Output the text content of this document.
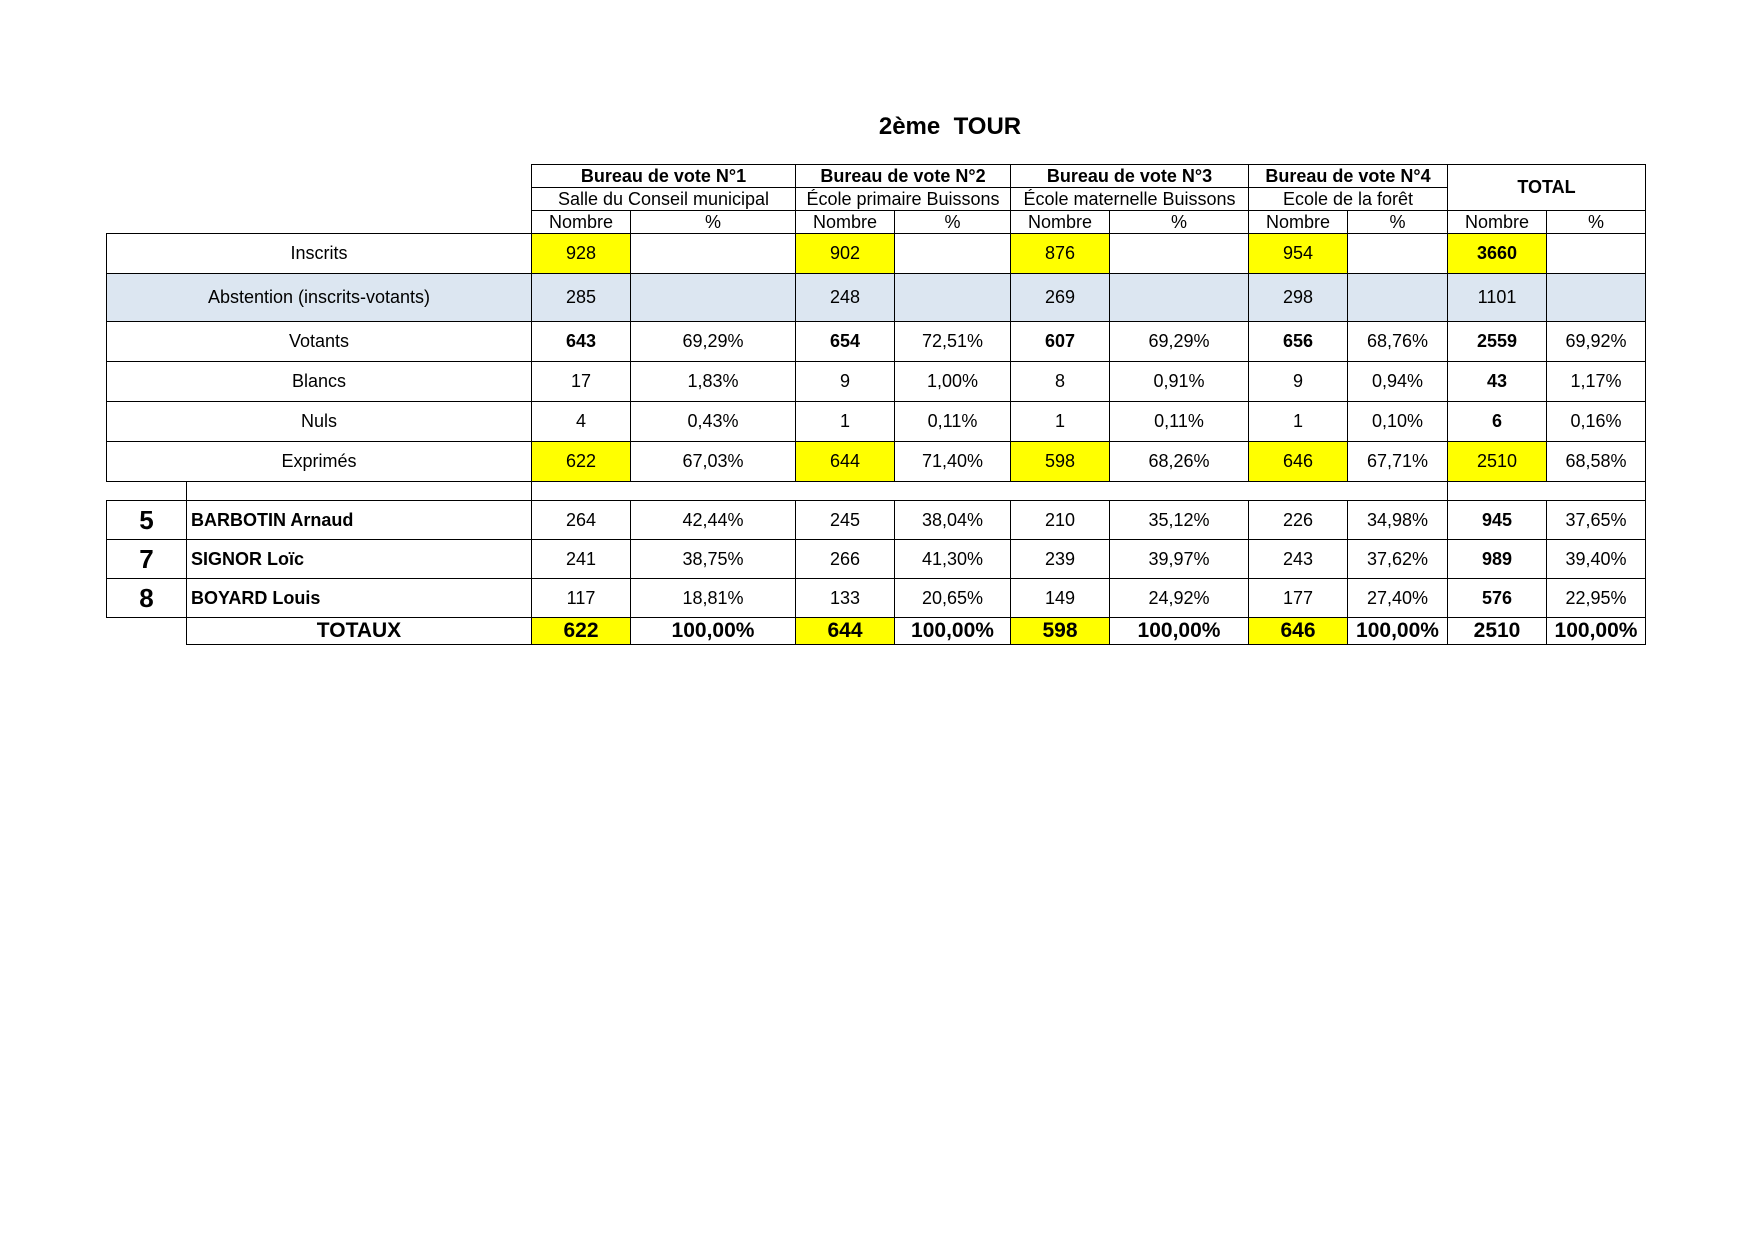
2ème  TOUR
		Bureau de vote N°1		Bureau de vote N°2		Bureau de vote N°3		Bureau de vote N°4		TOTAL	
		Salle du Conseil municipal		École primaire Buissons		École maternelle Buissons		Ecole de la forêt			
		Nombre	%	Nombre	%	Nombre	%	Nombre	%	Nombre	%
Inscrits		928		902		876		954		3660	
Abstention (inscrits-votants)		285		248		269		298		1101	
Votants		643	69,29%	654	72,51%	607	69,29%	656	68,76%	2559	69,92%
Blancs		17	1,83%	9	1,00%	8	0,91%	9	0,94%	43	1,17%
Nuls		4	0,43%	1	0,11%	1	0,11%	1	0,10%	6	0,16%
Exprimés		622	67,03%	644	71,40%	598	68,26%	646	67,71%	2510	68,58%

5	BARBOTIN Arnaud	264	42,44%	245	38,04%	210	35,12%	226	34,98%	945	37,65%
7	SIGNOR Loïc	241	38,75%	266	41,30%	239	39,97%	243	37,62%	989	39,40%
8	BOYARD Louis	117	18,81%	133	20,65%	149	24,92%	177	27,40%	576	22,95%
	TOTAUX	622	100,00%	644	100,00%	598	100,00%	646	100,00%	2510	100,00%
